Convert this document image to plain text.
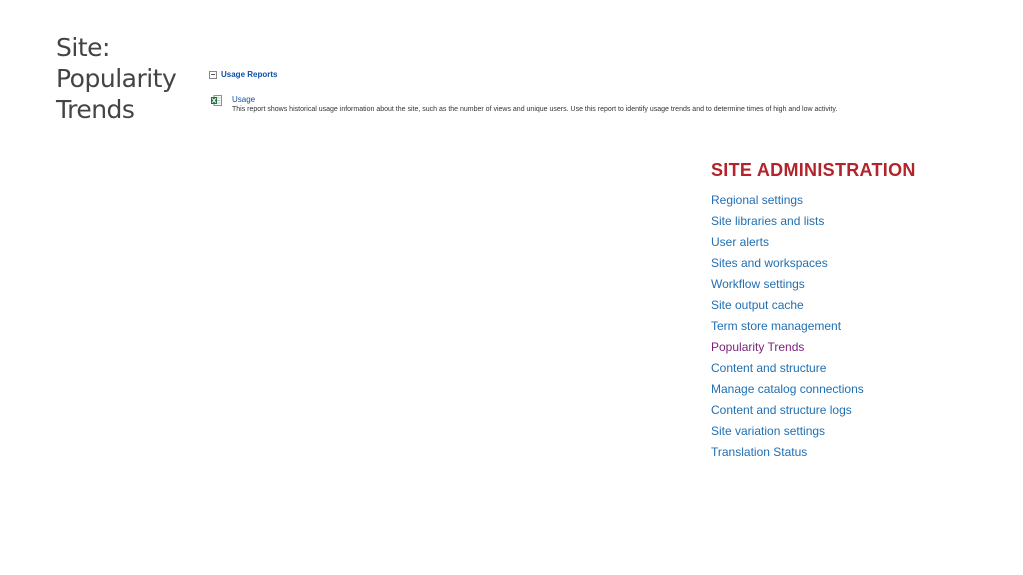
Site:
Popularity
Trends
Usage Reports
Usage
This report shows historical usage information about the site, such as the number of views and unique users. Use this report to identify usage trends and to determine times of high and low activity.
SITE ADMINISTRATION
Regional settings
Site libraries and lists
User alerts
Sites and workspaces
Workflow settings
Site output cache
Term store management
Popularity Trends
Content and structure
Manage catalog connections
Content and structure logs
Site variation settings
Translation Status
